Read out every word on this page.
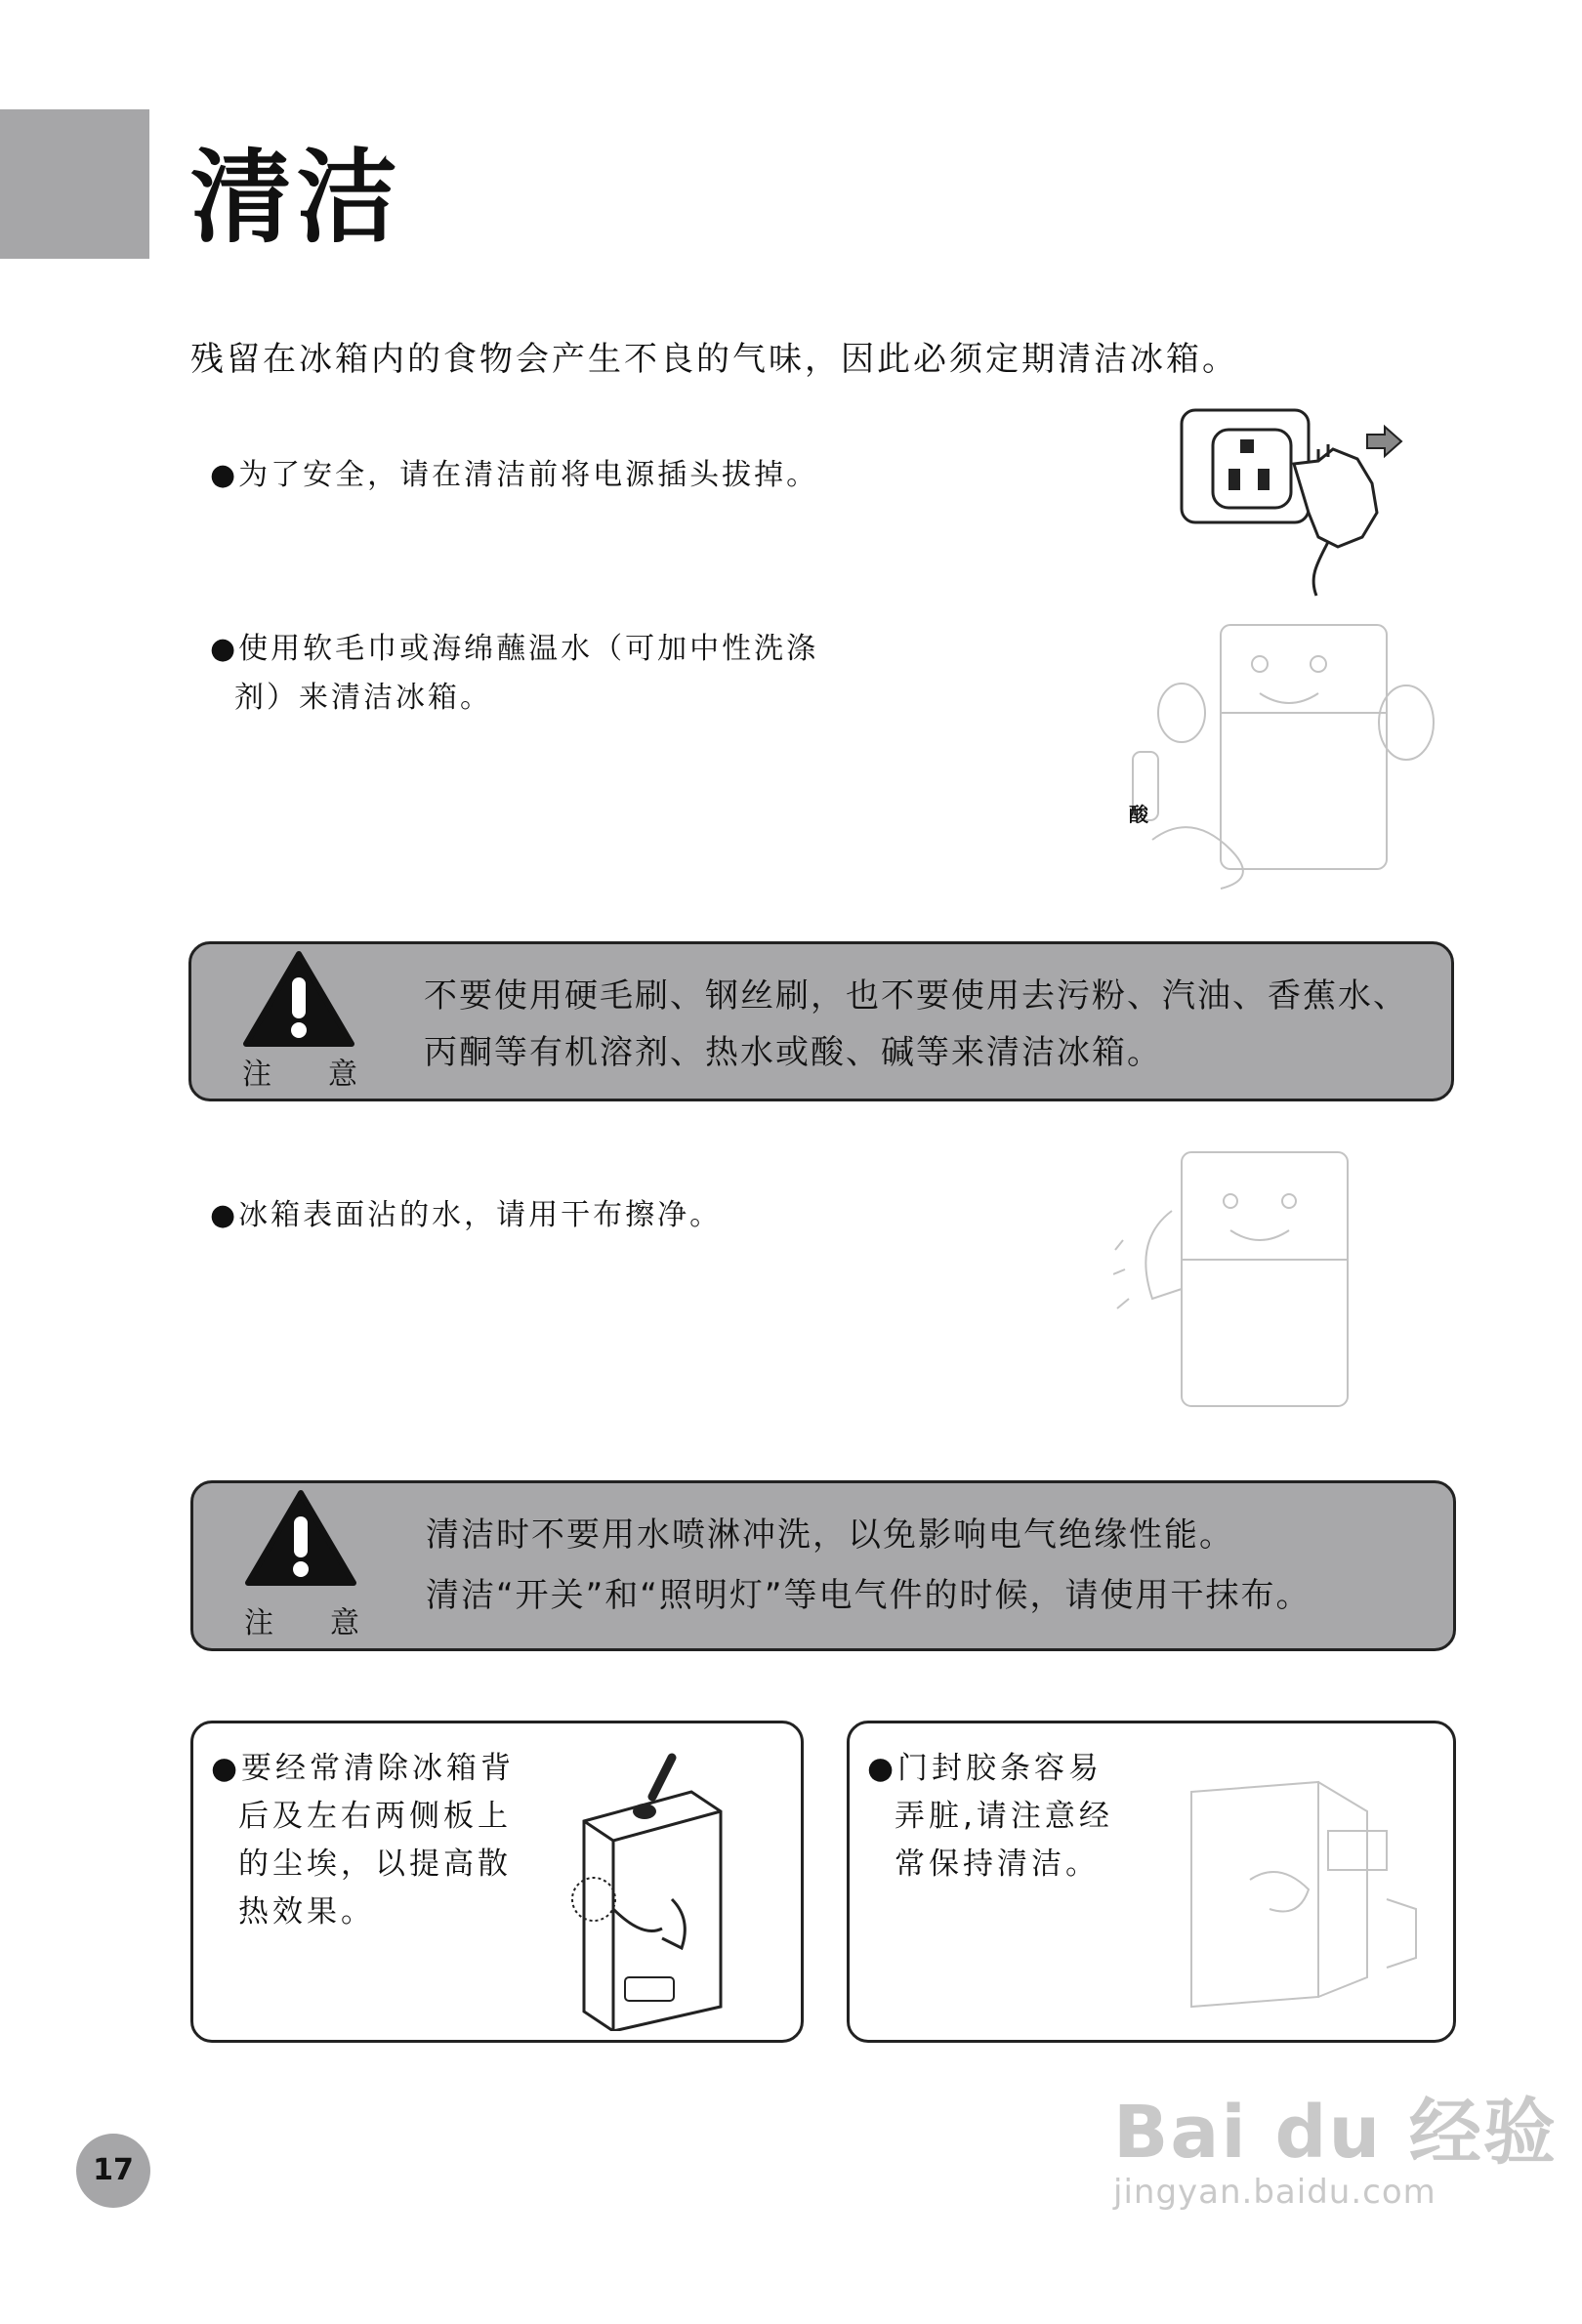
清洁
残留在冰箱内的食物会产生不良的气味，因此必须定期清洁冰箱。
●为了安全，请在清洁前将电源插头拔掉。
●使用软毛巾或海绵蘸温水（可加中性洗涤
剂）来清洁冰箱。
酸
注 意
不要使用硬毛刷、钢丝刷，也不要使用去污粉、汽油、香蕉水、
丙酮等有机溶剂、热水或酸、碱等来清洁冰箱。
●冰箱表面沾的水，请用干布擦净。
注 意
清洁时不要用水喷淋冲洗，以免影响电气绝缘性能。
清洁“开关”和“照明灯”等电气件的时候，请使用干抹布。
●要经常清除冰箱背
后及左右两侧板上
的尘埃，以提高散
热效果。
●门封胶条容易
弄脏,请注意经
常保持清洁。
17	Bai du 经验
jingyan.baidu.com
